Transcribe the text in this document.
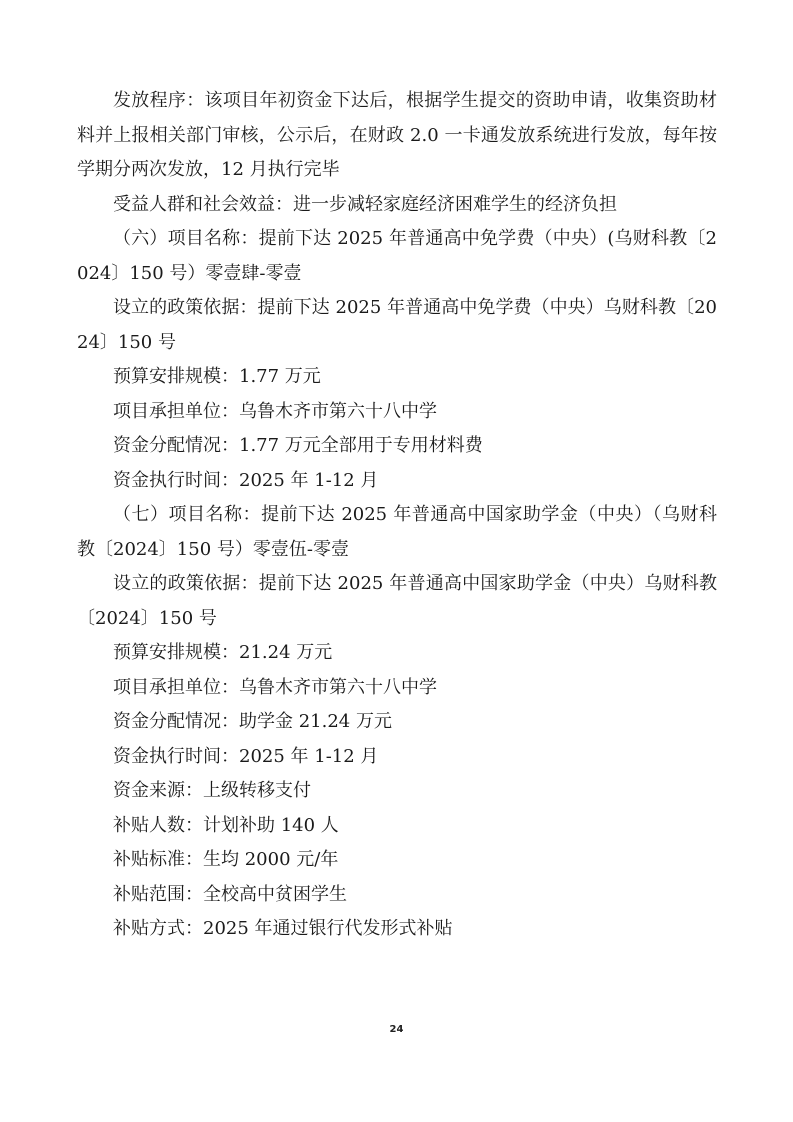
发放程序：该项目年初资金下达后，根据学生提交的资助申请，收集资助材料并上报相关部门审核，公示后，在财政 2.0 一卡通发放系统进行发放，每年按学期分两次发放，12 月执行完毕

受益人群和社会效益：进一步减轻家庭经济困难学生的经济负担

（六）项目名称：提前下达 2025 年普通高中免学费（中央）(乌财科教〔2024〕150 号）零壹肆-零壹

设立的政策依据：提前下达 2025 年普通高中免学费（中央）乌财科教〔2024〕150 号

预算安排规模：1.77 万元

项目承担单位：乌鲁木齐市第六十八中学

资金分配情况：1.77 万元全部用于专用材料费

资金执行时间：2025 年 1-12 月

（七）项目名称：提前下达 2025 年普通高中国家助学金（中央）（乌财科教〔2024〕150 号）零壹伍-零壹

设立的政策依据：提前下达 2025 年普通高中国家助学金（中央）乌财科教〔2024〕150 号

预算安排规模：21.24 万元

项目承担单位：乌鲁木齐市第六十八中学

资金分配情况：助学金 21.24 万元

资金执行时间：2025 年 1-12 月

资金来源：上级转移支付

补贴人数：计划补助 140 人

补贴标准：生均 2000 元/年

补贴范围：全校高中贫困学生

补贴方式：2025 年通过银行代发形式补贴

24
